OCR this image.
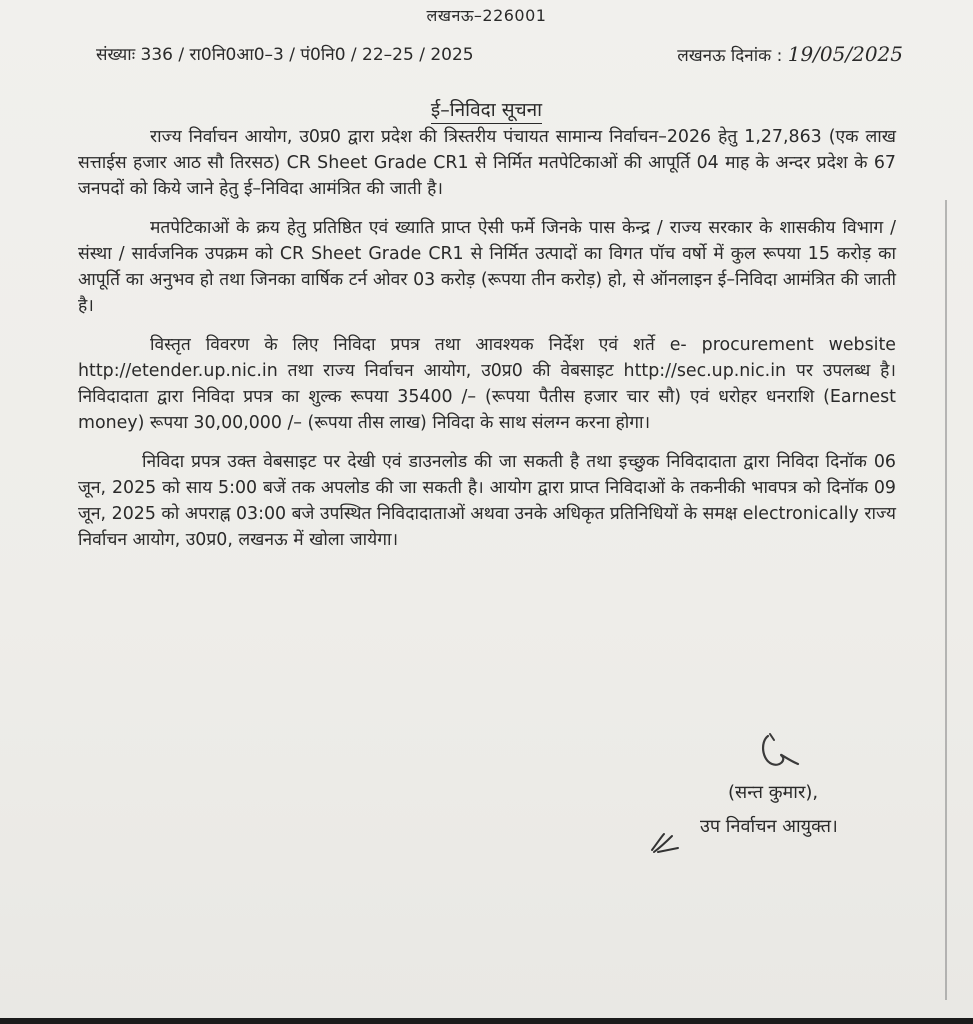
लखनऊ–226001
संख्याः 336 / रा0नि0आ0–3 / पं0नि0 / 22–25 / 2025	लखनऊ दिनांक : 19/05/2025
ई–निविदा सूचना

राज्य निर्वाचन आयोग, उ0प्र0 द्वारा प्रदेश की त्रिस्तरीय पंचायत सामान्य निर्वाचन–2026 हेतु 1,27,863 (एक लाख सत्ताईस हजार आठ सौ तिरसठ) CR Sheet Grade CR1 से निर्मित मतपेटिकाओं की आपूर्ति 04 माह के अन्दर प्रदेश के 67 जनपदों को किये जाने हेतु ई–निविदा आमंत्रित की जाती है।

मतपेटिकाओं के क्रय हेतु प्रतिष्ठित एवं ख्याति प्राप्त ऐसी फर्मे जिनके पास केन्द्र / राज्य सरकार के शासकीय विभाग / संस्था / सार्वजनिक उपक्रम को CR Sheet Grade CR1 से निर्मित उत्पादों का विगत पॉच वर्षो में कुल रूपया 15 करोड़ का आपूर्ति का अनुभव हो तथा जिनका वार्षिक टर्न ओवर 03 करोड़ (रूपया तीन करोड़) हो, से ऑनलाइन ई–निविदा आमंत्रित की जाती है।

विस्तृत विवरण के लिए निविदा प्रपत्र तथा आवश्यक निर्देश एवं शर्ते e- procurement website http://etender.up.nic.in तथा राज्य निर्वाचन आयोग, उ0प्र0 की वेबसाइट http://sec.up.nic.in पर उपलब्ध है। निविदादाता द्वारा निविदा प्रपत्र का शुल्क रूपया 35400 /– (रूपया पैतीस हजार चार सौ) एवं धरोहर धनराशि (Earnest money) रूपया 30,00,000 /– (रूपया तीस लाख) निविदा के साथ संलग्न करना होगा।

निविदा प्रपत्र उक्त वेबसाइट पर देखी एवं डाउनलोड की जा सकती है तथा इच्छुक निविदादाता द्वारा निविदा दिनॉक 06 जून, 2025 को साय 5:00 बजें तक अपलोड की जा सकती है। आयोग द्वारा प्राप्त निविदाओं के तकनीकी भावपत्र को दिनॉक 09 जून, 2025 को अपराह्न 03:00 बजे उपस्थित निविदादाताओं अथवा उनके अधिकृत प्रतिनिधियों के समक्ष electronically राज्य निर्वाचन आयोग, उ0प्र0, लखनऊ में खोला जायेगा।

(सन्त कुमार),
उप निर्वाचन आयुक्त।
